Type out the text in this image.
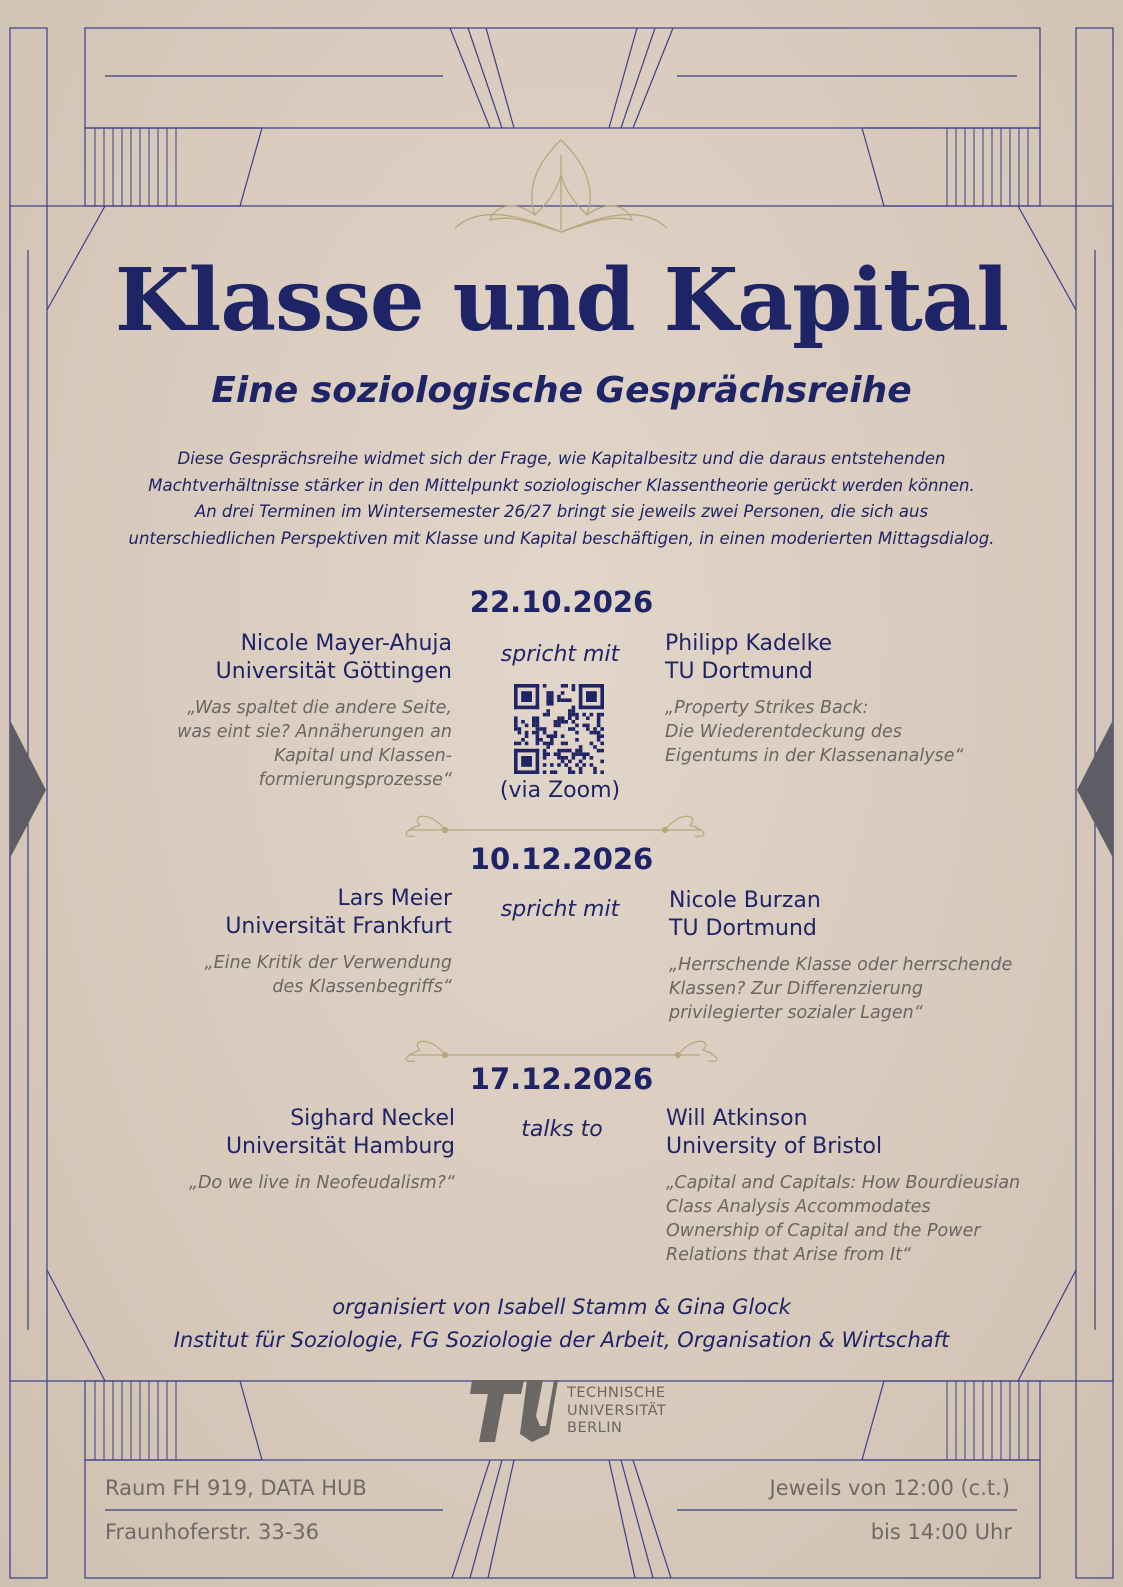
Klasse und Kapital
Eine soziologische Gesprächsreihe
Diese Gesprächsreihe widmet sich der Frage, wie Kapitalbesitz und die daraus entstehenden
Machtverhältnisse stärker in den Mittelpunkt soziologischer Klassentheorie gerückt werden können.
An drei Terminen im Wintersemester 26/27 bringt sie jeweils zwei Personen, die sich aus
unterschiedlichen Perspektiven mit Klasse und Kapital beschäftigen, in einen moderierten Mittagsdialog.
22.10.2026
Nicole Mayer-Ahuja
Universität Göttingen
„Was spaltet die andere Seite,
was eint sie? Annäherungen an
Kapital und Klassen-
formierungsprozesse“
spricht mit
(via Zoom)
Philipp Kadelke
TU Dortmund
„Property Strikes Back:
Die Wiederentdeckung des
Eigentums in der Klassenanalyse“
10.12.2026
Lars Meier
Universität Frankfurt
„Eine Kritik der Verwendung
des Klassenbegriffs“
spricht mit	Nicole Burzan
TU Dortmund
„Herrschende Klasse oder herrschende
Klassen? Zur Differenzierung
privilegierter sozialer Lagen“
17.12.2026
Sighard Neckel
Universität Hamburg
„Do we live in Neofeudalism?“
talks to	Will Atkinson
University of Bristol
„Capital and Capitals: How Bourdieusian
Class Analysis Accommodates
Ownership of Capital and the Power
Relations that Arise from It“
organisiert von Isabell Stamm & Gina Glock
Institut für Soziologie, FG Soziologie der Arbeit, Organisation & Wirtschaft
TECHNISCHE
UNIVERSITÄT
BERLIN
Raum FH 919, DATA HUB
Fraunhoferstr. 33-36
Jeweils von 12:00 (c.t.)
bis 14:00 Uhr
